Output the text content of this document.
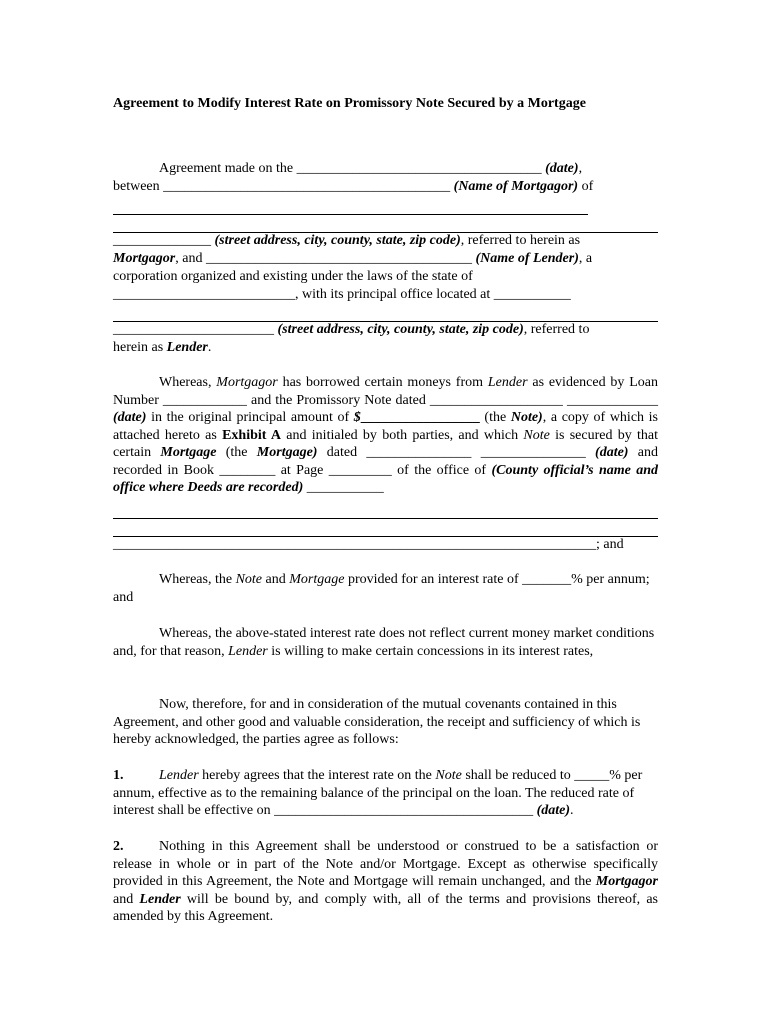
Agreement to Modify Interest Rate on Promissory Note Secured by a Mortgage
Agreement made on the ___________________________________ (date),
between _________________________________________ (Name of Mortgagor) of
______________ (street address, city, county, state, zip code), referred to herein as
Mortgagor, and ______________________________________ (Name of Lender), a
corporation organized and existing under the laws of the state of
__________________________, with its principal office located at ___________
_______________________ (street address, city, county, state, zip code), referred to
herein as Lender.

Whereas, Mortgagor has borrowed certain moneys from Lender as evidenced by Loan Number ____________ and the Promissory Note dated ___________________ _____________ (date) in the original principal amount of $_________________ (the Note), a copy of which is attached hereto as Exhibit A and initialed by both parties, and which Note is secured by that certain Mortgage (the Mortgage) dated _______________ _______________ (date) and recorded in Book ________ at Page _________ of the office of (County official’s name and office where Deeds are recorded) ___________

_____________________________________________________________________; and

Whereas, the Note and Mortgage provided for an interest rate of _______% per annum; and

Whereas, the above-stated interest rate does not reflect current money market conditions and, for that reason, Lender is willing to make certain concessions in its interest rates,

Now, therefore, for and in consideration of the mutual covenants contained in this Agreement, and other good and valuable consideration, the receipt and sufficiency of which is hereby acknowledged, the parties agree as follows:

1.	Lender hereby agrees that the interest rate on the Note shall be reduced to _____% per annum, effective as to the remaining balance of the principal on the loan. The reduced rate of interest shall be effective on _____________________________________ (date).

2.	Nothing in this Agreement shall be understood or construed to be a satisfaction or release in whole or in part of the Note and/or Mortgage. Except as otherwise specifically provided in this Agreement, the Note and Mortgage will remain unchanged, and the Mortgagor and Lender will be bound by, and comply with, all of the terms and provisions thereof, as amended by this Agreement.
